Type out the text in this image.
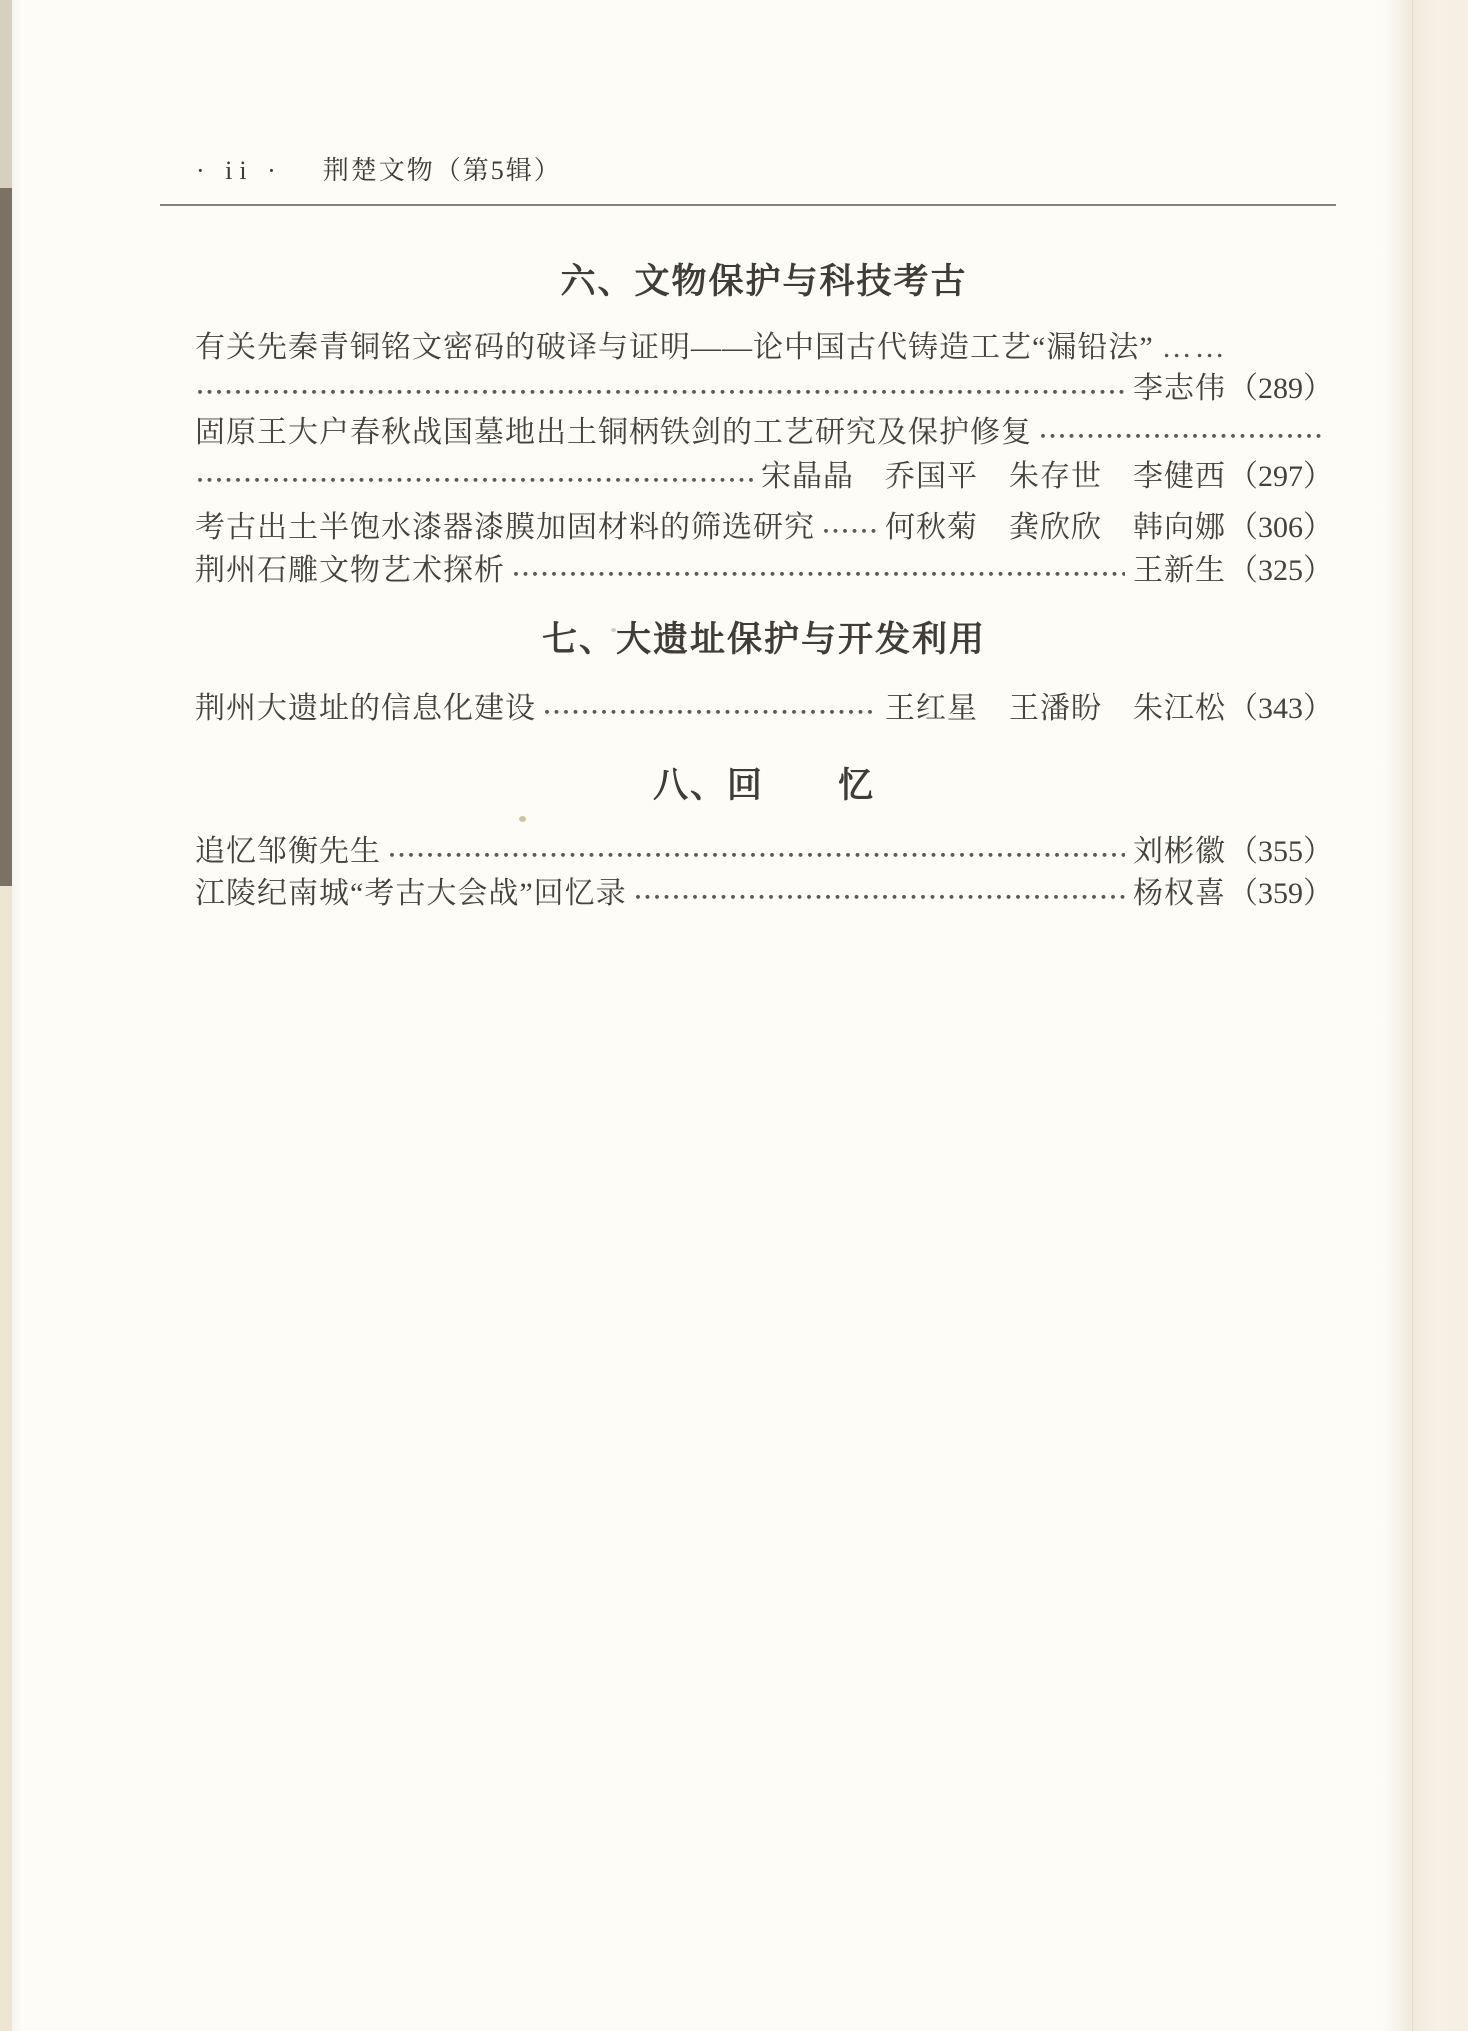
· ii · 荆楚文物（第5辑）
六、文物保护与科技考古
有关先秦青铜铭文密码的破译与证明——论中国古代铸造工艺“漏铅法” ……
李志伟 （289）
固原王大户春秋战国墓地出土铜柄铁剑的工艺研究及保护修复
宋晶晶　乔国平　朱存世　李健西 （297）
考古出土半饱水漆器漆膜加固材料的筛选研究 何秋菊　龚欣欣　韩向娜 （306）
荆州石雕文物艺术探析	王新生 （325）
七、大遗址保护与开发利用
荆州大遗址的信息化建设	王红星　王潘盼　朱江松 （343）
八、回　　忆
追忆邹衡先生	刘彬徽 （355）
江陵纪南城“考古大会战”回忆录	杨权喜 （359）
